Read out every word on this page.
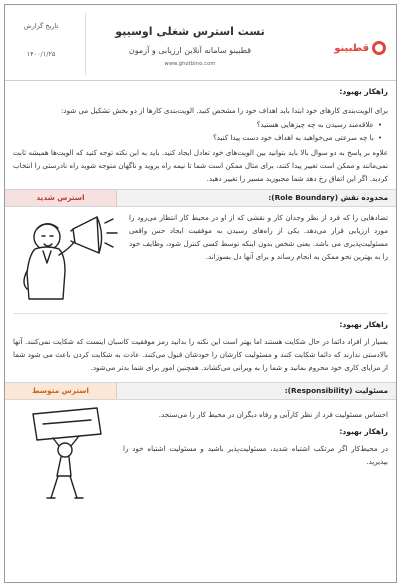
قطبینو
تست استرس شغلی اوسیپو
قطبینو سامانه آنلاین ارزیابی و آزمون
www.ghotbino.com
تاریخ گزارش
۱۴۰۰/۱/۲۵
راهکار بهبود:
برای الویت‌بندی کارهای خود ابتدا باید اهداف خود را مشخص کنید. الویت‌بندی کارها از دو بخش تشکیل می شود:
• علاقه‌مند رسیدن به چه چیزهایی هستید؟
• با چه سرعتی می‌خواهید به اهداف خود دست پیدا کنید؟
علاوه بر پاسخ به دو سوال بالا باید بتوانید بین الویت‌های خود تعادل ایجاد کنید. باید به این نکته توجه کنید که الویت‌ها همیشه ثابت نمی‌مانند و ممکن است تغییر پیدا کنند، برای مثال ممکن است شما تا نیمه راه بروید و ناگهان متوجه شوید راه نادرستی را انتخاب کردید. اگر این اتفاق رخ دهد شما مجبورید مسیر را تغییر دهید.
محدوده نقش (Role Boundary):
استرس شدید
تضادهایی را که فرد از نظر وجدان کار و نقشی که از او در محیط کار انتظار می‌رود را مورد ارزیابی قرار می‌دهد. یکی از راه‌های رسیدن به موفقیت ایجاد حس واقعی مسئولیت‌پذیری می باشد. یعنی شخص بدون اینکه توسط کسی کنترل شود، وظایف خود را به بهترین نحو ممکن به انجام رساند و برای آنها دل بسوزاند.
راهکار بهبود:
بسیار از افراد دائما در حال شکایت هستند اما بهتر است این نکته را بدانید رمز موفقیت کاسبان اینست که شکایت نمی‌کنند. آنها بالادستی ندارند که دائما شکایت کنند و مسئولیت کارشان را خودشان قبول می‌کنند. عادت به شکایت کردن باعث می شود شما از مزایای کاری خود محروم بمانید و شما را به ویرانی می‌کشاند. همچنین امور برای شما بدتر می‌شود.
مسئولیت (Responsibility):
استرس متوسط
احساس مسئولیت فرد از نظر کارآیی و رفاه دیگران در محیط کار را می‌سنجد.
راهکار بهبود:
در محیط‌کار اگر مرتکب اشتباه شدید، مسئولیت‌پذیر باشید و مسئولیت اشتباه خود را بپذیرید.
